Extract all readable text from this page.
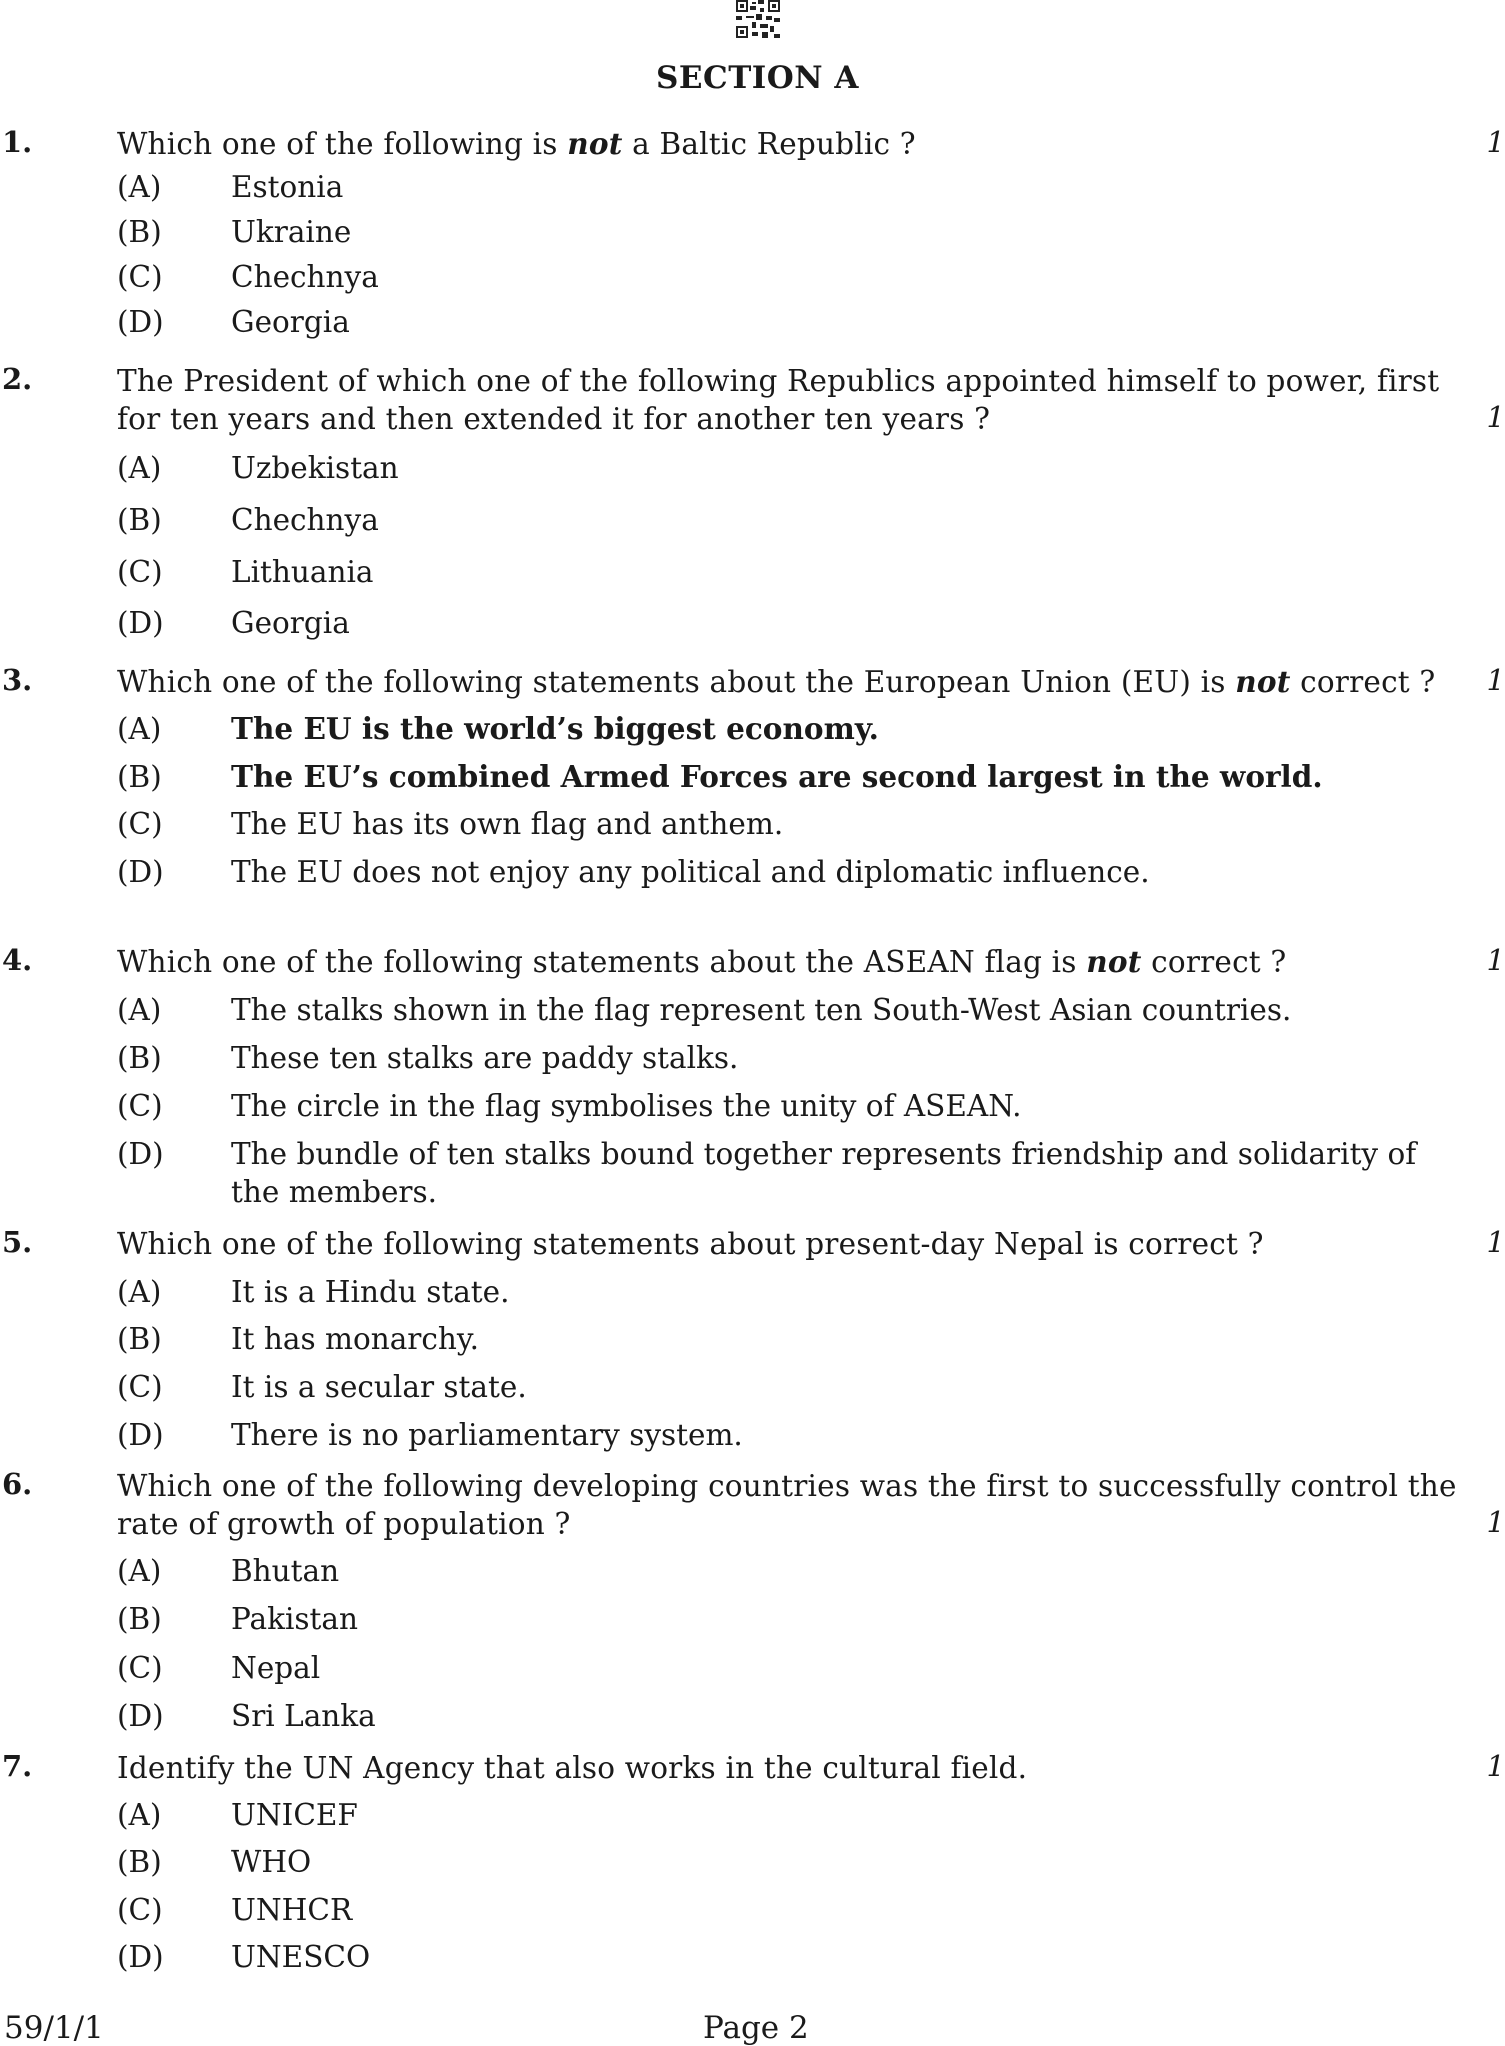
SECTION A
1.	Which one of the following is not a Baltic Republic ?	1
(A) Estonia
(B) Ukraine
(C) Chechnya
(D) Georgia
2.	The President of which one of the following Republics appointed himself to power, first
for ten years and then extended it for another ten years ?	1
(A) Uzbekistan
(B) Chechnya
(C) Lithuania
(D) Georgia
3.	Which one of the following statements about the European Union (EU) is not correct ? 1
(A) The EU is the world’s biggest economy.
(B) The EU’s combined Armed Forces are second largest in the world.
(C) The EU has its own flag and anthem.
(D) The EU does not enjoy any political and diplomatic influence.
4.	Which one of the following statements about the ASEAN flag is not correct ?	1
(A) The stalks shown in the flag represent ten South-West Asian countries.
(B) These ten stalks are paddy stalks.
(C) The circle in the flag symbolises the unity of ASEAN.
(D) The bundle of ten stalks bound together represents friendship and solidarity of
the members.
5.	Which one of the following statements about present-day Nepal is correct ?	1
(A) It is a Hindu state.
(B) It has monarchy.
(C) It is a secular state.
(D) There is no parliamentary system.
6.	Which one of the following developing countries was the first to successfully control the
rate of growth of population ?	1
(A) Bhutan
(B) Pakistan
(C) Nepal
(D) Sri Lanka
7.	Identify the UN Agency that also works in the cultural field.	1
(A) UNICEF
(B) WHO
(C) UNHCR
(D) UNESCO
59/1/1	Page 2
